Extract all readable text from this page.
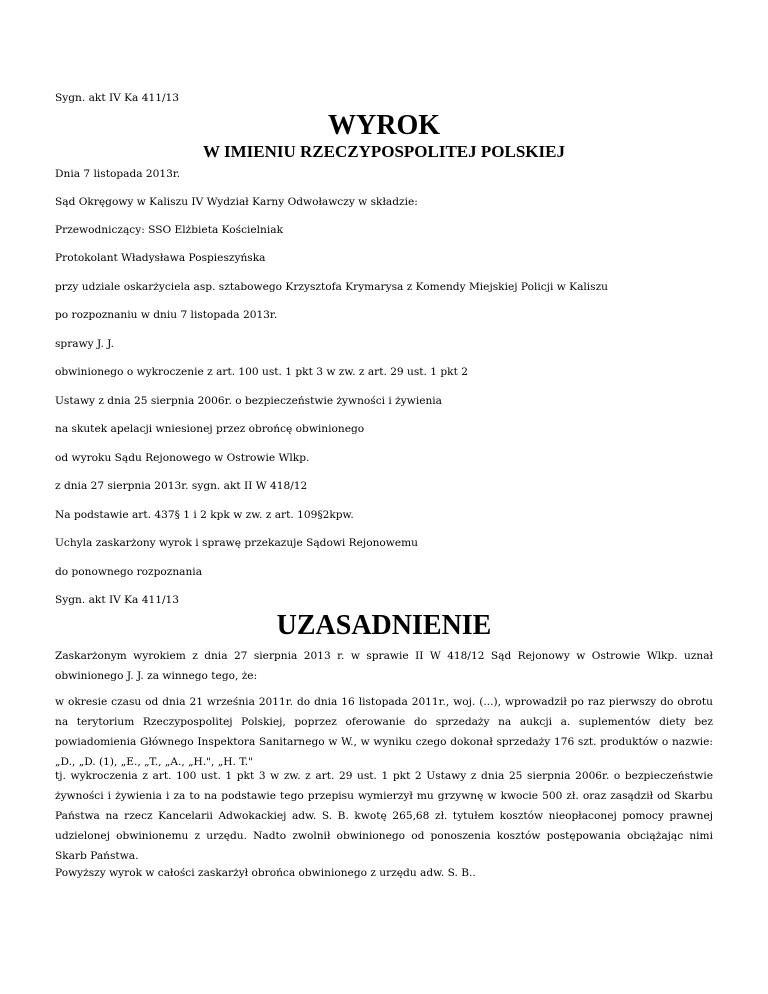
Sygn. akt IV Ka 411/13

WYROK
W IMIENIU RZECZYPOSPOLITEJ POLSKIEJ

Dnia 7 listopada 2013r.

Sąd Okręgowy w Kaliszu IV Wydział Karny Odwoławczy w składzie:

Przewodniczący: SSO Elżbieta Kościelniak

Protokolant Władysława Pospieszyńska

przy udziale oskarżyciela asp. sztabowego Krzysztofa Krymarysa z Komendy Miejskiej Policji w Kaliszu

po rozpoznaniu w dniu 7 listopada 2013r.

sprawy J. J.

obwinionego o wykroczenie z art. 100 ust. 1 pkt 3 w zw. z art. 29 ust. 1 pkt 2

Ustawy z dnia 25 sierpnia 2006r. o bezpieczeństwie żywności i żywienia

na skutek apelacji wniesionej przez obrońcę obwinionego

od wyroku Sądu Rejonowego w Ostrowie Wlkp.

z dnia 27 sierpnia 2013r. sygn. akt II W 418/12

Na podstawie art. 437§ 1 i 2 kpk w zw. z art. 109§2kpw.

Uchyla zaskarżony wyrok i sprawę przekazuje Sądowi Rejonowemu

do ponownego rozpoznania

Sygn. akt IV Ka 411/13

UZASADNIENIE

Zaskarżonym wyrokiem z dnia 27 sierpnia 2013 r. w sprawie II W 418/12 Sąd Rejonowy w Ostrowie Wlkp. uznał obwinionego J. J. za winnego tego, że:

w okresie czasu od dnia 21 września 2011r. do dnia 16 listopada 2011r., woj. (...), wprowadził po raz pierwszy do obrotu na terytorium Rzeczypospolitej Polskiej, poprzez oferowanie do sprzedaży na aukcji a. suplementów diety bez powiadomienia Głównego Inspektora Sanitarnego w W., w wyniku czego dokonał sprzedaży 176 szt. produktów o nazwie: „D., „D. (1), „E., „T., „A., „H.", „H. T."

tj. wykroczenia z art. 100 ust. 1 pkt 3 w zw. z art. 29 ust. 1 pkt 2 Ustawy z dnia 25 sierpnia 2006r. o bezpieczeństwie żywności i żywienia i za to na podstawie tego przepisu wymierzył mu grzywnę w kwocie 500 zł. oraz zasądził od Skarbu Państwa na rzecz Kancelarii Adwokackiej adw. S. B. kwotę 265,68 zł. tytułem kosztów nieopłaconej pomocy prawnej udzielonej obwinionemu z urzędu. Nadto zwolnił obwinionego od ponoszenia kosztów postępowania obciążając nimi Skarb Państwa.

Powyższy wyrok w całości zaskarżył obrońca obwinionego z urzędu adw. S. B..
